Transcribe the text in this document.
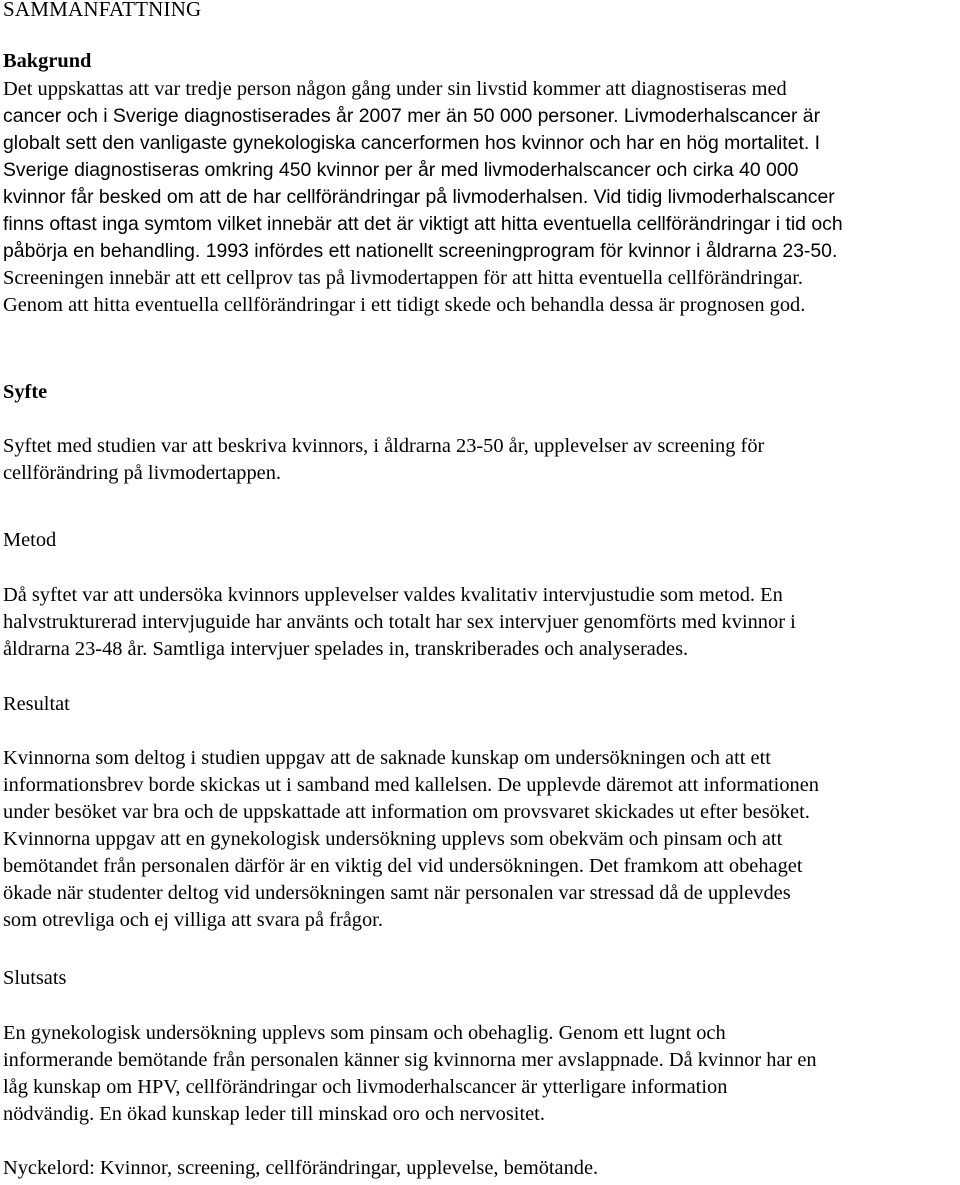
SAMMANFATTNING
Bakgrund

Det uppskattas att var tredje person någon gång under sin livstid kommer att diagnostiseras med
cancer och i Sverige diagnostiserades år 2007 mer än 50 000 personer. Livmoderhalscancer är
globalt sett den vanligaste gynekologiska cancerformen hos kvinnor och har en hög mortalitet. I
Sverige diagnostiseras omkring 450 kvinnor per år med livmoderhalscancer och cirka 40 000
kvinnor får besked om att de har cellförändringar på livmoderhalsen. Vid tidig livmoderhalscancer
finns oftast inga symtom vilket innebär att det är viktigt att hitta eventuella cellförändringar i tid och
påbörja en behandling. 1993 infördes ett nationellt screeningprogram för kvinnor i åldrarna 23-50.
Screeningen innebär att ett cellprov tas på livmodertappen för att hitta eventuella cellförändringar.
Genom att hitta eventuella cellförändringar i ett tidigt skede och behandla dessa är prognosen god.

Syfte

Syftet med studien var att beskriva kvinnors, i åldrarna 23-50 år, upplevelser av screening för
cellförändring på livmodertappen.

Metod

Då syftet var att undersöka kvinnors upplevelser valdes kvalitativ intervjustudie som metod. En
halvstrukturerad intervjuguide har använts och totalt har sex intervjuer genomförts med kvinnor i
åldrarna 23-48 år. Samtliga intervjuer spelades in, transkriberades och analyserades.

Resultat

Kvinnorna som deltog i studien uppgav att de saknade kunskap om undersökningen och att ett
informationsbrev borde skickas ut i samband med kallelsen. De upplevde däremot att informationen
under besöket var bra och de uppskattade att information om provsvaret skickades ut efter besöket.
Kvinnorna uppgav att en gynekologisk undersökning upplevs som obekväm och pinsam och att
bemötandet från personalen därför är en viktig del vid undersökningen. Det framkom att obehaget
ökade när studenter deltog vid undersökningen samt när personalen var stressad då de upplevdes
som otrevliga och ej villiga att svara på frågor.

Slutsats

En gynekologisk undersökning upplevs som pinsam och obehaglig. Genom ett lugnt och
informerande bemötande från personalen känner sig kvinnorna mer avslappnade. Då kvinnor har en
låg kunskap om HPV, cellförändringar och livmoderhalscancer är ytterligare information
nödvändig. En ökad kunskap leder till minskad oro och nervositet.

Nyckelord: Kvinnor, screening, cellförändringar, upplevelse, bemötande.
